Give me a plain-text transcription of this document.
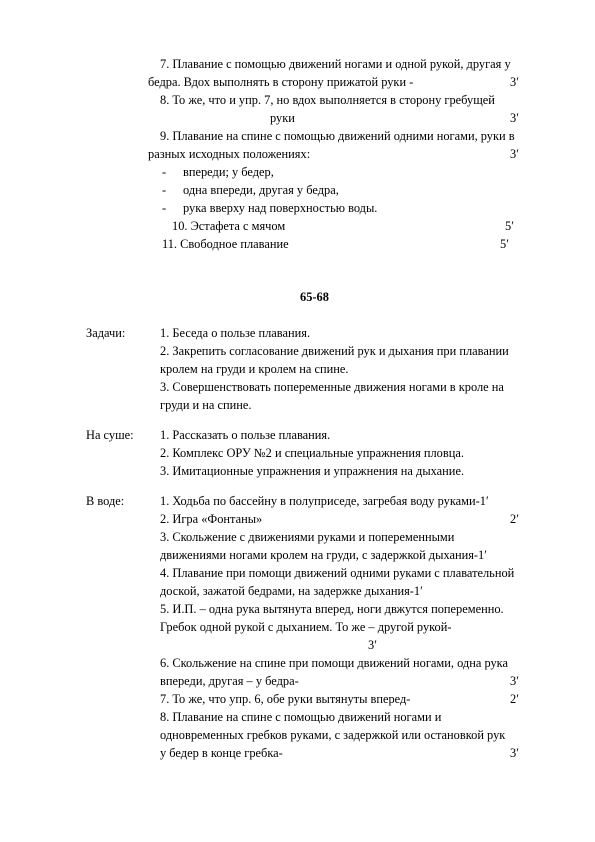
7. Плавание с помощью движений ногами и одной рукой, другая у
бедра. Вдох выполнять в сторону прижатой руки -	3′
8. То же, что и упр. 7, но вдох выполняется в сторону гребущей
руки	3′
9. Плавание на спине с помощью движений одними ногами, руки в
разных исходных положениях:	3′
- впереди; у бедер,
- одна впереди, другая у бедра,
- рука вверху над поверхностью воды.
10. Эстафета с мячом	5′
11. Свободное плавание	5′
65-68
Задачи:	1. Беседа о пользе плавания.
2. Закрепить согласование движений рук и дыхания при плавании
кролем на груди и кролем на спине.
3. Совершенствовать попеременные движения ногами в кроле на
груди и на спине.
На суше: 1. Рассказать о пользе плавания.
2. Комплекс ОРУ №2 и специальные упражнения пловца.
3. Имитационные упражнения и упражнения на дыхание.
В воде:	1. Ходьба по бассейну в полуприседе, загребая воду руками-1′
2. Игра «Фонтаны»	2′
3. Скольжение с движениями руками и попеременными
движениями ногами кролем на груди, с задержкой дыхания-1′
4. Плавание при помощи движений одними руками с плавательной
доской, зажатой бедрами, на задержке дыхания-1′
5. И.П. – одна рука вытянута вперед, ноги двжутся попеременно.
Гребок одной рукой с дыханием. То же – другой рукой-
3′
6. Скольжение на спине при помощи движений ногами, одна рука
впереди, другая – у бедра-	3′
7. То же, что упр. 6, обе руки вытянуты вперед-	2′
8. Плавание на спине с помощью движений ногами и
одновременных гребков руками, с задержкой или остановкой рук
у бедер в конце гребка-	3′
